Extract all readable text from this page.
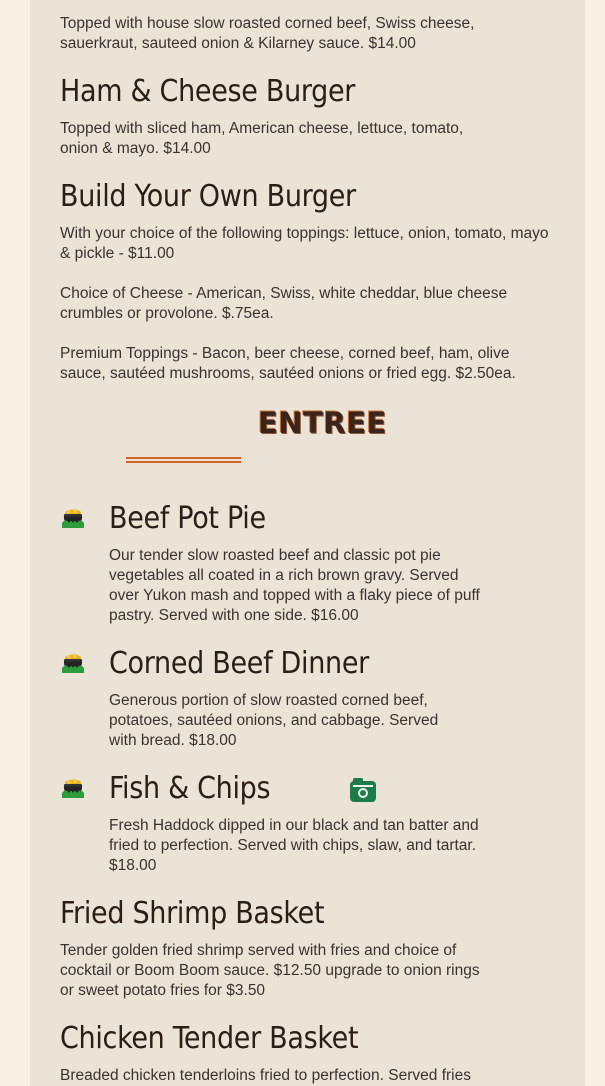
Topped with house slow roasted corned beef, Swiss cheese, sauerkraut, sauteed onion & Kilarney sauce. $14.00
Ham & Cheese Burger
Topped with sliced ham, American cheese, lettuce, tomato, onion & mayo. $14.00
Build Your Own Burger
With your choice of the following toppings: lettuce, onion, tomato, mayo & pickle - $11.00
Choice of Cheese - American, Swiss, white cheddar, blue cheese crumbles or provolone. $.75ea.
Premium Toppings - Bacon, beer cheese, corned beef, ham, olive sauce, sautéed mushrooms, sautéed onions or fried egg. $2.50ea.
ENTREE
Beef Pot Pie
Our tender slow roasted beef and classic pot pie vegetables all coated in a rich brown gravy. Served over Yukon mash and topped with a flaky piece of puff pastry. Served with one side. $16.00
Corned Beef Dinner
Generous portion of slow roasted corned beef, potatoes, sautéed onions, and cabbage. Served with bread. $18.00
Fish & Chips
Fresh Haddock dipped in our black and tan batter and fried to perfection. Served with chips, slaw, and tartar. $18.00
Fried Shrimp Basket
Tender golden fried shrimp served with fries and choice of cocktail or Boom Boom sauce. $12.50 upgrade to onion rings or sweet potato fries for $3.50
Chicken Tender Basket
Breaded chicken tenderloins fried to perfection. Served fries
